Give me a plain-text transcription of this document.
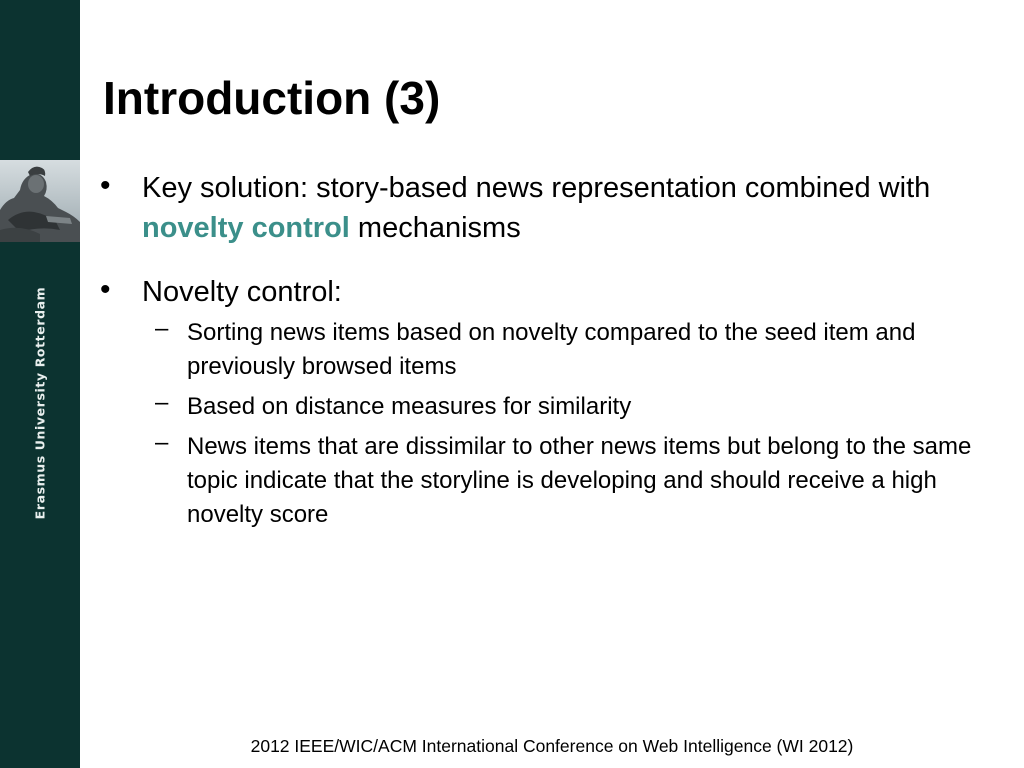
Erasmus University Rotterdam
Introduction (3)
• Key solution: story-based news representation combined with novelty control mechanisms
• Novelty control:
– Sorting news items based on novelty compared to the seed item and previously browsed items
– Based on distance measures for similarity
– News items that are dissimilar to other news items but belong to the same topic indicate that the storyline is developing and should receive a high novelty score
2012 IEEE/WIC/ACM International Conference on Web Intelligence (WI 2012)
